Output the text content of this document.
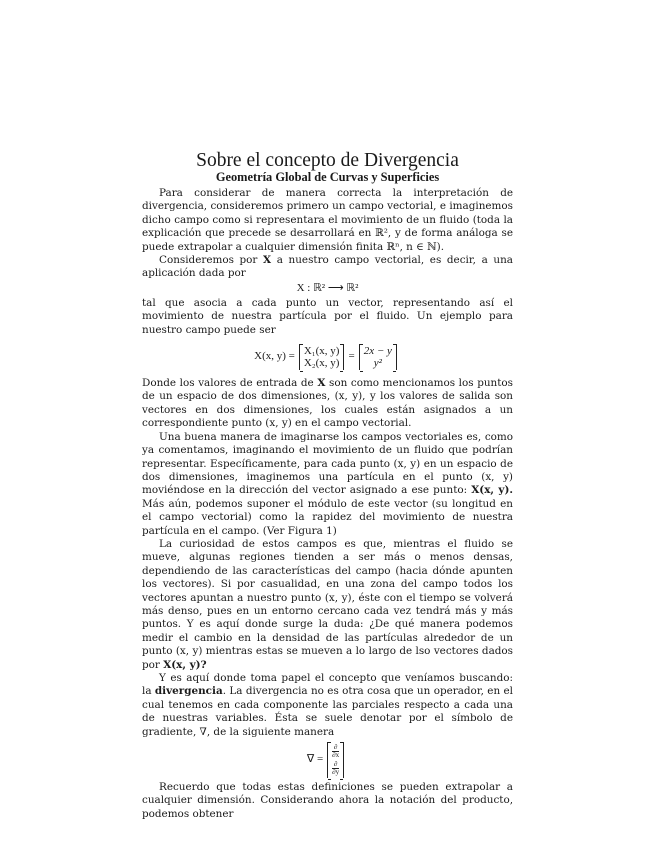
Sobre el concepto de Divergencia
Geometría Global de Curvas y Superficies

Para considerar de manera correcta la interpretación de divergencia, consideremos primero un campo vectorial, e imaginemos dicho campo como si representara el movimiento de un fluido (toda la explicación que precede se desarrollará en ℝ², y de forma análoga se puede extrapolar a cualquier dimensión finita ℝⁿ, n ∈ ℕ).

Consideremos por X a nuestro campo vectorial, es decir, a una aplicación dada por

X : ℝ² ⟶ ℝ²

tal que asocia a cada punto un vector, representando así el movimiento de nuestra partícula por el fluido. Un ejemplo para nuestro campo puede ser

X(x, y) = X₁(x, y)
X₂(x, y)
= 2x − y
y²

Donde los valores de entrada de X son como mencionamos los puntos de un espacio de dos dimensiones, (x, y), y los valores de salida son vectores en dos dimensiones, los cuales están asignados a un correspondiente punto (x, y) en el campo vectorial.

Una buena manera de imaginarse los campos vectoriales es, como ya comentamos, imaginando el movimiento de un fluido que podrían representar. Específicamente, para cada punto (x, y) en un espacio de dos dimensiones, imaginemos una partícula en el punto (x, y) moviéndose en la dirección del vector asignado a ese punto: X(x, y). Más aún, podemos suponer el módulo de este vector (su longitud en el campo vectorial) como la rapidez del movimiento de nuestra partícula en el campo. (Ver Figura 1)

La curiosidad de estos campos es que, mientras el fluido se mueve, algunas regiones tienden a ser más o menos densas, dependiendo de las características del campo (hacia dónde apunten los vectores). Si por casualidad, en una zona del campo todos los vectores apuntan a nuestro punto (x, y), éste con el tiempo se volverá más denso, pues en un entorno cercano cada vez tendrá más y más puntos. Y es aquí donde surge la duda: ¿De qué manera podemos medir el cambio en la densidad de las partículas alrededor de un punto (x, y) mientras estas se mueven a lo largo de lso vectores dados por X(x, y)?

Y es aquí donde toma papel el concepto que veníamos buscando: la divergencia. La divergencia no es otra cosa que un operador, en el cual tenemos en cada componente las parciales respecto a cada una de nuestras variables. Ésta se suele denotar por el símbolo de gradiente, ∇, de la siguiente manera

∇ =
$\frac{\partial}{\partial x}$
$\frac{\partial}{\partial y}$

Recuerdo que todas estas definiciones se pueden extrapolar a cualquier dimensión. Considerando ahora la notación del producto, podemos obtener
